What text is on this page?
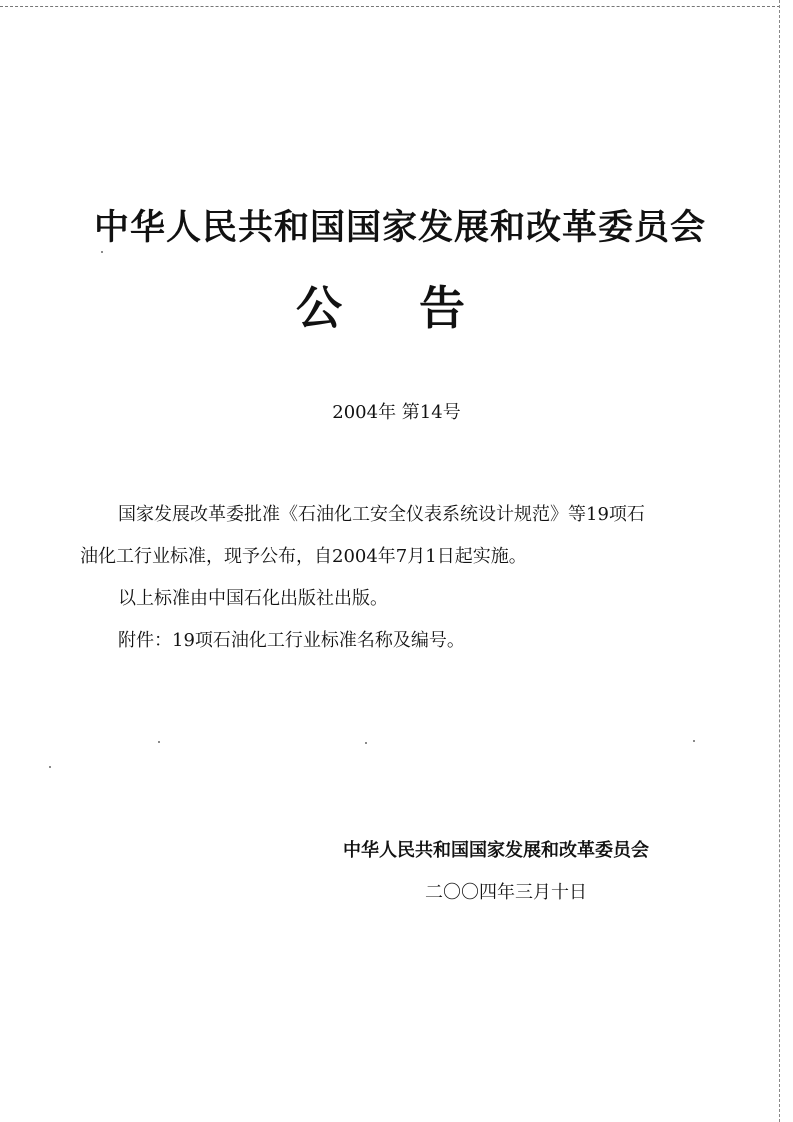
中华人民共和国国家发展和改革委员会
公 告
2004年 第14号
国家发展改革委批准《石油化工安全仪表系统设计规范》等19项石
油化工行业标准，现予公布，自2004年7月1日起实施。
以上标准由中国石化出版社出版。
附件：19项石油化工行业标准名称及编号。
中华人民共和国国家发展和改革委员会
二〇〇四年三月十日
